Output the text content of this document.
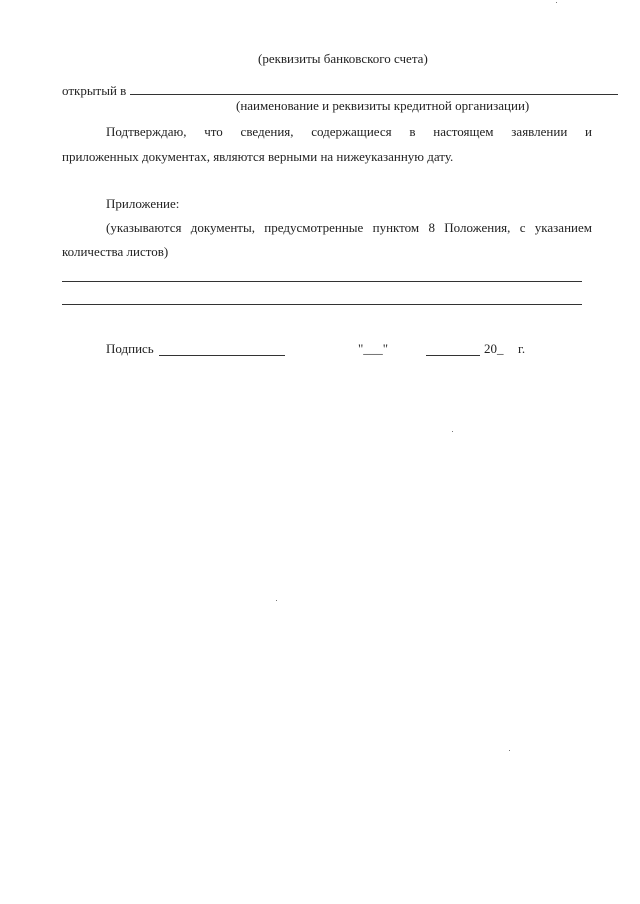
(реквизиты банковского счета)
открытый в
(наименование и реквизиты кредитной организации)
Подтверждаю, что сведения, содержащиеся в настоящем заявлении и
приложенных документах, являются верными на нижеуказанную дату.
Приложение:
(указываются документы, предусмотренные пунктом 8 Положения, с указанием
количества листов)
Подпись	"___"	20_ г.
